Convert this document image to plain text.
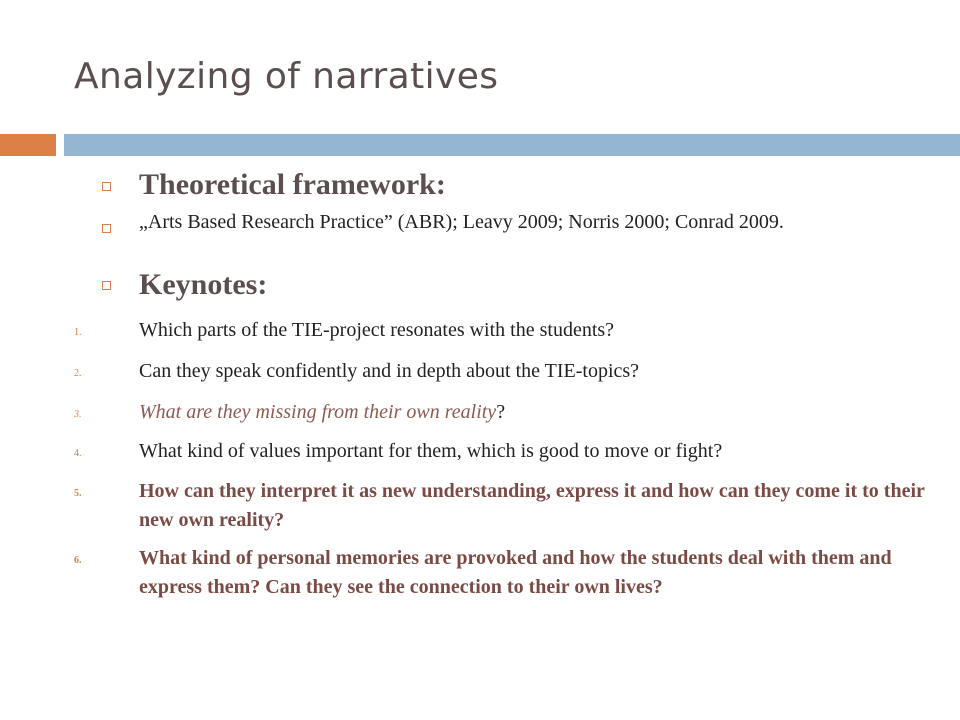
Analyzing of narratives
Theoretical framework:
„Arts Based Research Practice” (ABR); Leavy 2009; Norris 2000; Conrad 2009.
Keynotes:
1.	Which parts of the TIE-project resonates with the students?
2.	Can they speak confidently and in depth about the TIE-topics?
3.	What are they missing from their own reality?
4.	What kind of values important for them, which is good to move or fight?
5.	How can they interpret it as new understanding, express it and how can they come it to their new own reality?
6.	What kind of personal memories are provoked and how the students deal with them and express them? Can they see the connection to their own lives?
